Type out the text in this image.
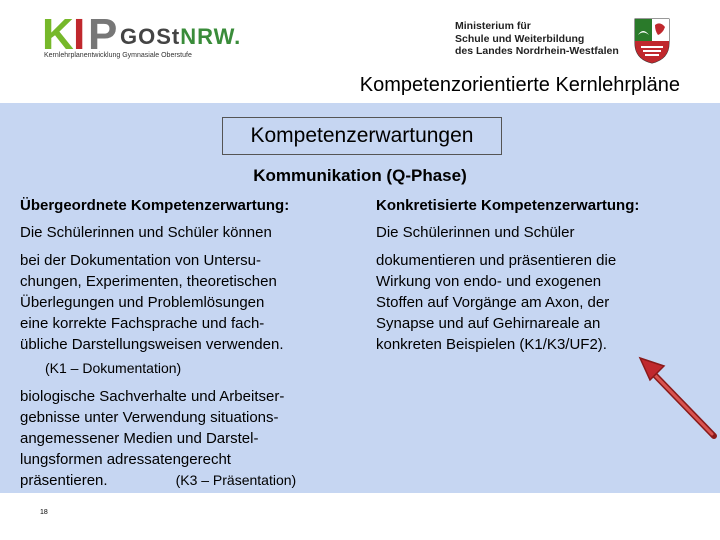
K I P GOStNRW.
Kernlehrplanentwicklung Gymnasiale Oberstufe
Ministerium für
Schule und Weiterbildung
des Landes Nordrhein-Westfalen
Kompetenzorientierte Kernlehrpläne
Kompetenzerwartungen
Kommunikation (Q-Phase)
Übergeordnete Kompetenzerwartung:	Konkretisierte Kompetenzerwartung:
Die Schülerinnen und Schüler können	Die Schülerinnen und Schüler
bei der Dokumentation von Untersu-
chungen, Experimenten, theoretischen
Überlegungen und Problemlösungen
eine korrekte Fachsprache und fach-
übliche Darstellungsweisen verwenden.
(K1 – Dokumentation)
biologische Sachverhalte und Arbeitser-
gebnisse unter Verwendung situations-
angemessener Medien und Darstel-
lungsformen adressatengerecht
präsentieren.	(K3 – Präsentation)
dokumentieren und präsentieren die
Wirkung von endo- und exogenen
Stoffen auf Vorgänge am Axon, der
Synapse und auf Gehirnareale an
konkreten Beispielen (K1/K3/UF2).
18
